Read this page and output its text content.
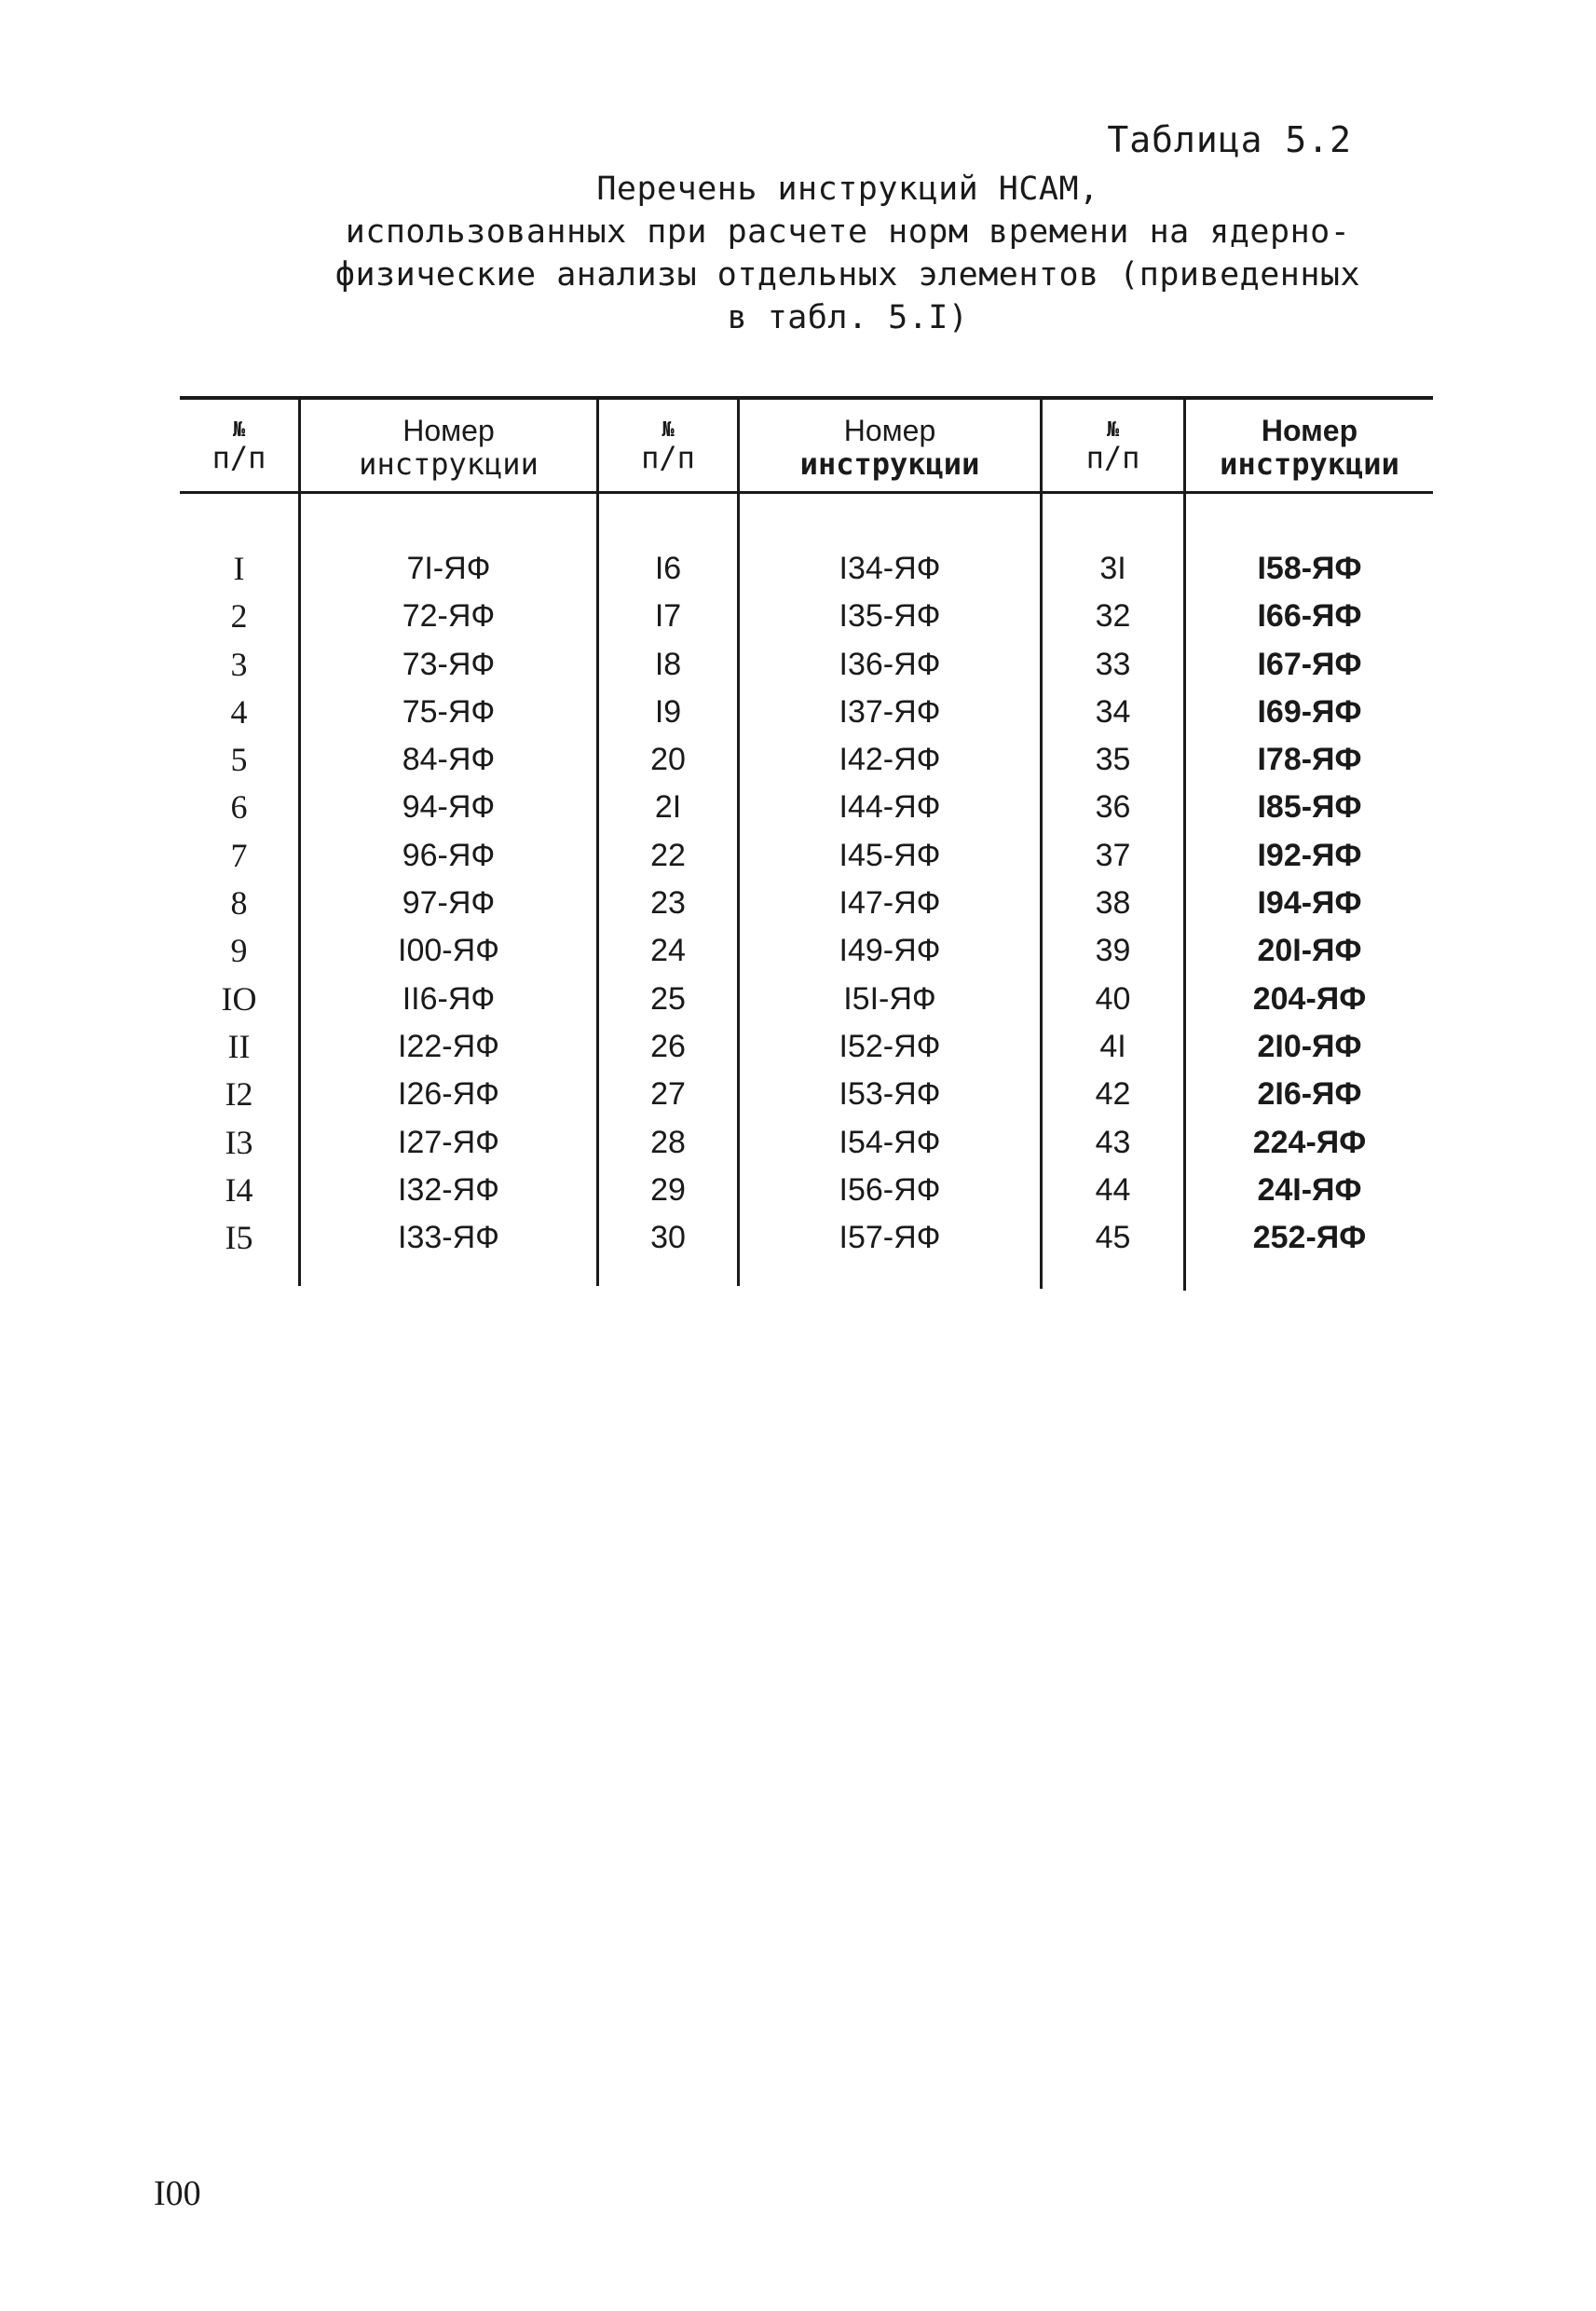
Таблица 5.2
Перечень инструкций НСАМ,
использованных при расчете норм времени на ядерно-
физические анализы отдельных элементов (приведенных
в табл. 5.I)
№
п/п
Номер
инструкции
№
п/п
Номер
инструкции
№
п/п
Номер
инструкции
I
2
3
4
5
6
7
8
9
IO
II
I2
I3
I4
I5
7I-ЯФ
72-ЯФ
73-ЯФ
75-ЯФ
84-ЯФ
94-ЯФ
96-ЯФ
97-ЯФ
I00-ЯФ
II6-ЯФ
I22-ЯФ
I26-ЯФ
I27-ЯФ
I32-ЯФ
I33-ЯФ
I6
I7
I8
I9
20
2I
22
23
24
25
26
27
28
29
30
I34-ЯФ
I35-ЯФ
I36-ЯФ
I37-ЯФ
I42-ЯФ
I44-ЯФ
I45-ЯФ
I47-ЯФ
I49-ЯФ
I5I-ЯФ
I52-ЯФ
I53-ЯФ
I54-ЯФ
I56-ЯФ
I57-ЯФ
3I
32
33
34
35
36
37
38
39
40
4I
42
43
44
45
I58-ЯФ
I66-ЯФ
I67-ЯФ
I69-ЯФ
I78-ЯФ
I85-ЯФ
I92-ЯФ
I94-ЯФ
20I-ЯФ
204-ЯФ
2I0-ЯФ
2I6-ЯФ
224-ЯФ
24I-ЯФ
252-ЯФ
I00
